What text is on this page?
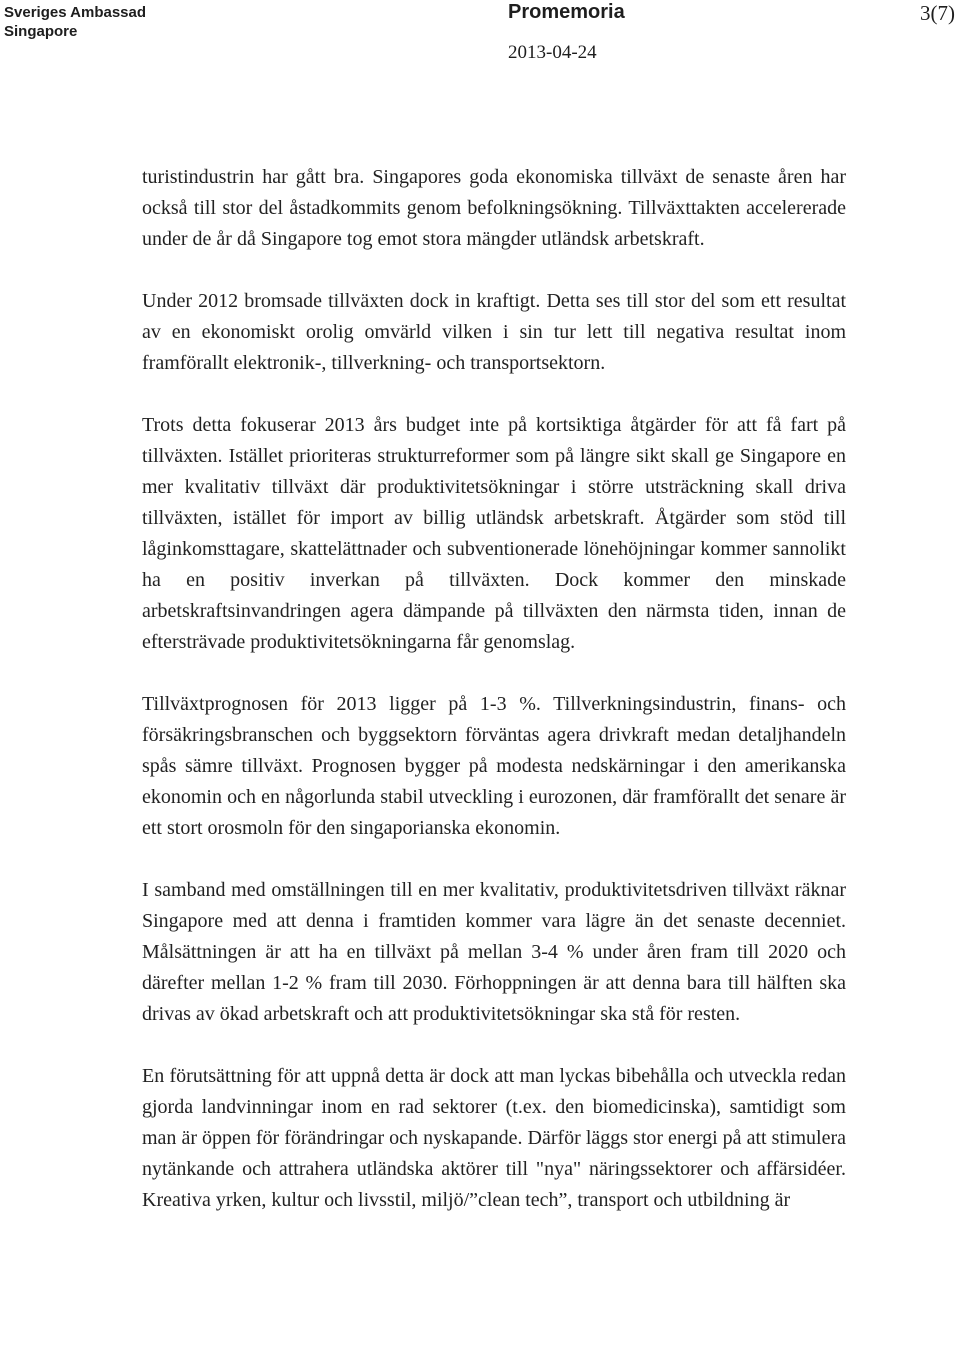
Sveriges Ambassad
Singapore
Promemoria
2013-04-24
3(7)

turistindustrin har gått bra. Singapores goda ekonomiska tillväxt de senaste åren har också till stor del åstadkommits genom befolkningsökning. Tillväxttakten accelererade under de år då Singapore tog emot stora mängder utländsk arbetskraft.

Under 2012 bromsade tillväxten dock in kraftigt. Detta ses till stor del som ett resultat av en ekonomiskt orolig omvärld vilken i sin tur lett till negativa resultat inom framförallt elektronik-, tillverkning- och transportsektorn.

Trots detta fokuserar 2013 års budget inte på kortsiktiga åtgärder för att få fart på tillväxten. Istället prioriteras strukturreformer som på längre sikt skall ge Singapore en mer kvalitativ tillväxt där produktivitetsökningar i större utsträckning skall driva tillväxten, istället för import av billig utländsk arbetskraft. Åtgärder som stöd till låginkomsttagare, skattelättnader och subventionerade lönehöjningar kommer sannolikt ha en positiv inverkan på tillväxten. Dock kommer den minskade arbetskraftsinvandringen agera dämpande på tillväxten den närmsta tiden, innan de eftersträvade produktivitetsökningarna får genomslag.

Tillväxtprognosen för 2013 ligger på 1-3 %. Tillverkningsindustrin, finans- och försäkringsbranschen och byggsektorn förväntas agera drivkraft medan detaljhandeln spås sämre tillväxt. Prognosen bygger på modesta nedskärningar i den amerikanska ekonomin och en någorlunda stabil utveckling i eurozonen, där framförallt det senare är ett stort orosmoln för den singaporianska ekonomin.

I samband med omställningen till en mer kvalitativ, produktivitetsdriven tillväxt räknar Singapore med att denna i framtiden kommer vara lägre än det senaste decenniet. Målsättningen är att ha en tillväxt på mellan 3-4 % under åren fram till 2020 och därefter mellan 1-2 % fram till 2030. Förhoppningen är att denna bara till hälften ska drivas av ökad arbetskraft och att produktivitetsökningar ska stå för resten.

En förutsättning för att uppnå detta är dock att man lyckas bibehålla och utveckla redan gjorda landvinningar inom en rad sektorer (t.ex. den biomedicinska), samtidigt som man är öppen för förändringar och nyskapande. Därför läggs stor energi på att stimulera nytänkande och attrahera utländska aktörer till "nya" näringssektorer och affärsidéer. Kreativa yrken, kultur och livsstil, miljö/”clean tech”, transport och utbildning är
